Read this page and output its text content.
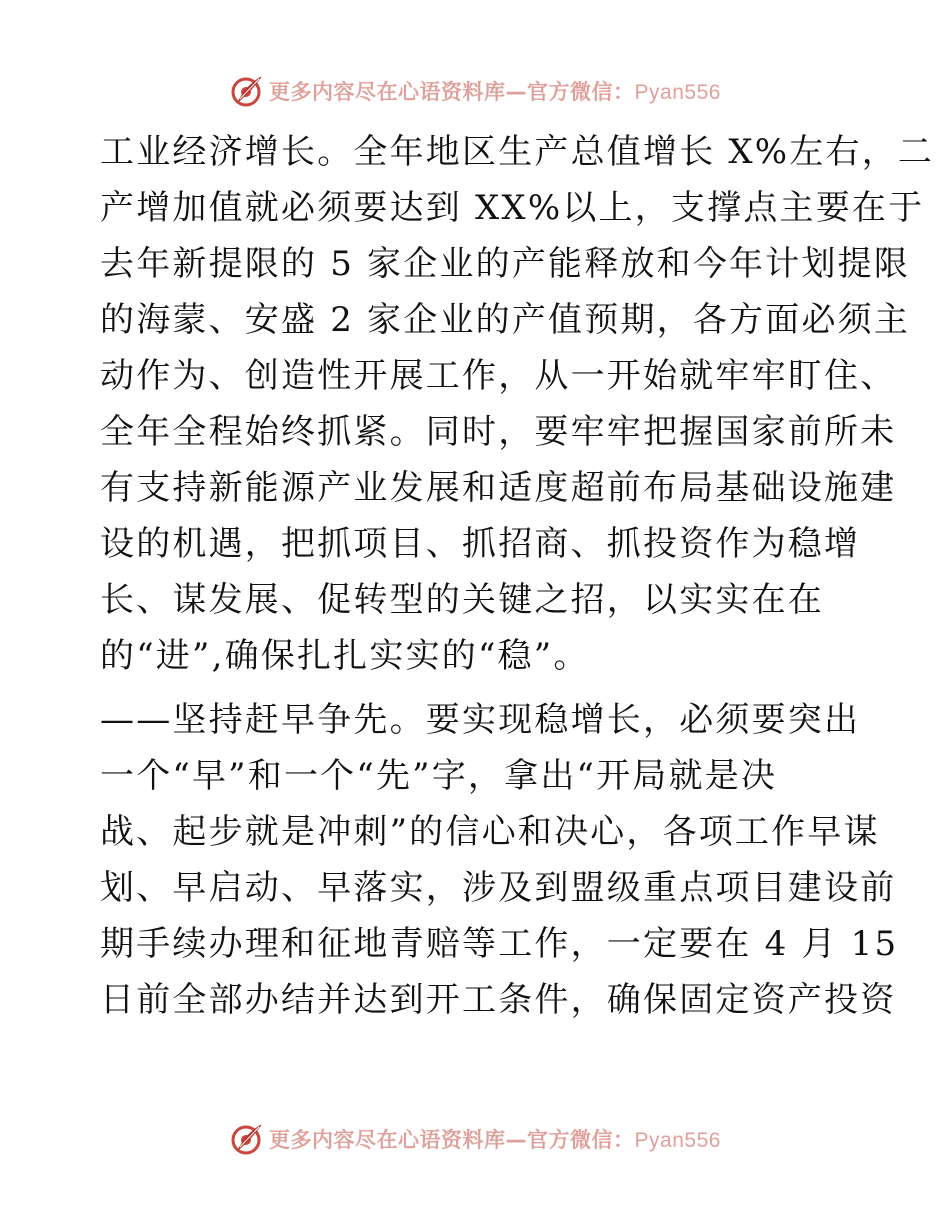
更多内容尽在心语资料库—官方微信：Pyan556
工业经济增长。全年地区生产总值增长 X%左右，二
产增加值就必须要达到 XX%以上，支撑点主要在于
去年新提限的 5 家企业的产能释放和今年计划提限
的海蒙、安盛 2 家企业的产值预期，各方面必须主
动作为、创造性开展工作，从一开始就牢牢盯住、
全年全程始终抓紧。同时，要牢牢把握国家前所未
有支持新能源产业发展和适度超前布局基础设施建
设的机遇，把抓项目、抓招商、抓投资作为稳增
长、谋发展、促转型的关键之招，以实实在在
的“进”,确保扎扎实实的“稳”。
——坚持赶早争先。要实现稳增长，必须要突出
一个“早”和一个“先”字，拿出“开局就是决
战、起步就是冲刺”的信心和决心，各项工作早谋
划、早启动、早落实，涉及到盟级重点项目建设前
期手续办理和征地青赔等工作，一定要在 4 月 15
日前全部办结并达到开工条件，确保固定资产投资
更多内容尽在心语资料库—官方微信：Pyan556
